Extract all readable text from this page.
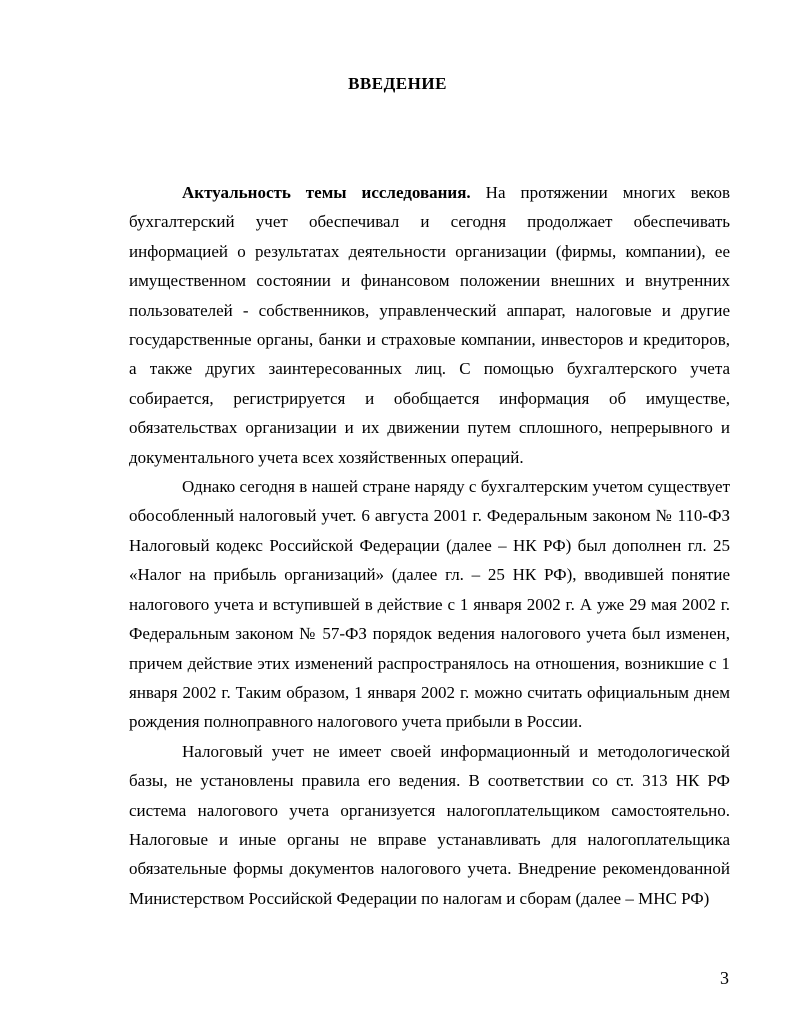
ВВЕДЕНИЕ

Актуальность темы исследования. На протяжении многих веков бухгалтерский учет обеспечивал и сегодня продолжает обеспечивать информацией о результатах деятельности организации (фирмы, компании), ее имущественном состоянии и финансовом положении внешних и внутренних пользователей - собственников, управленческий аппарат, налоговые и другие государственные органы, банки и страховые компании, инвесторов и кредиторов, а также других заинтересованных лиц. С помощью бухгалтерского учета собирается, регистрируется и обобщается информация об имуществе, обязательствах организации и их движении путем сплошного, непрерывного и документального учета всех хозяйственных операций.

Однако сегодня в нашей стране наряду с бухгалтерским учетом существует обособленный налоговый учет. 6 августа 2001 г. Федеральным законом № 110-ФЗ Налоговый кодекс Российской Федерации (далее – НК РФ) был дополнен гл. 25 «Налог на прибыль организаций» (далее гл. – 25 НК РФ), вводившей понятие налогового учета и вступившей в действие с 1 января 2002 г. А уже 29 мая 2002 г. Федеральным законом № 57-ФЗ порядок ведения налогового учета был изменен, причем действие этих изменений распространялось на отношения, возникшие с 1 января 2002 г. Таким образом, 1 января 2002 г. можно считать официальным днем рождения полноправного налогового учета прибыли в России.

Налоговый учет не имеет своей информационный и методологической базы, не установлены правила его ведения. В соответствии со ст. 313 НК РФ система налогового учета организуется налогоплательщиком самостоятельно. Налоговые и иные органы не вправе устанавливать для налогоплательщика обязательные формы документов налогового учета. Внедрение рекомендованной Министерством Российской Федерации по налогам и сборам (далее – МНС РФ)

3
